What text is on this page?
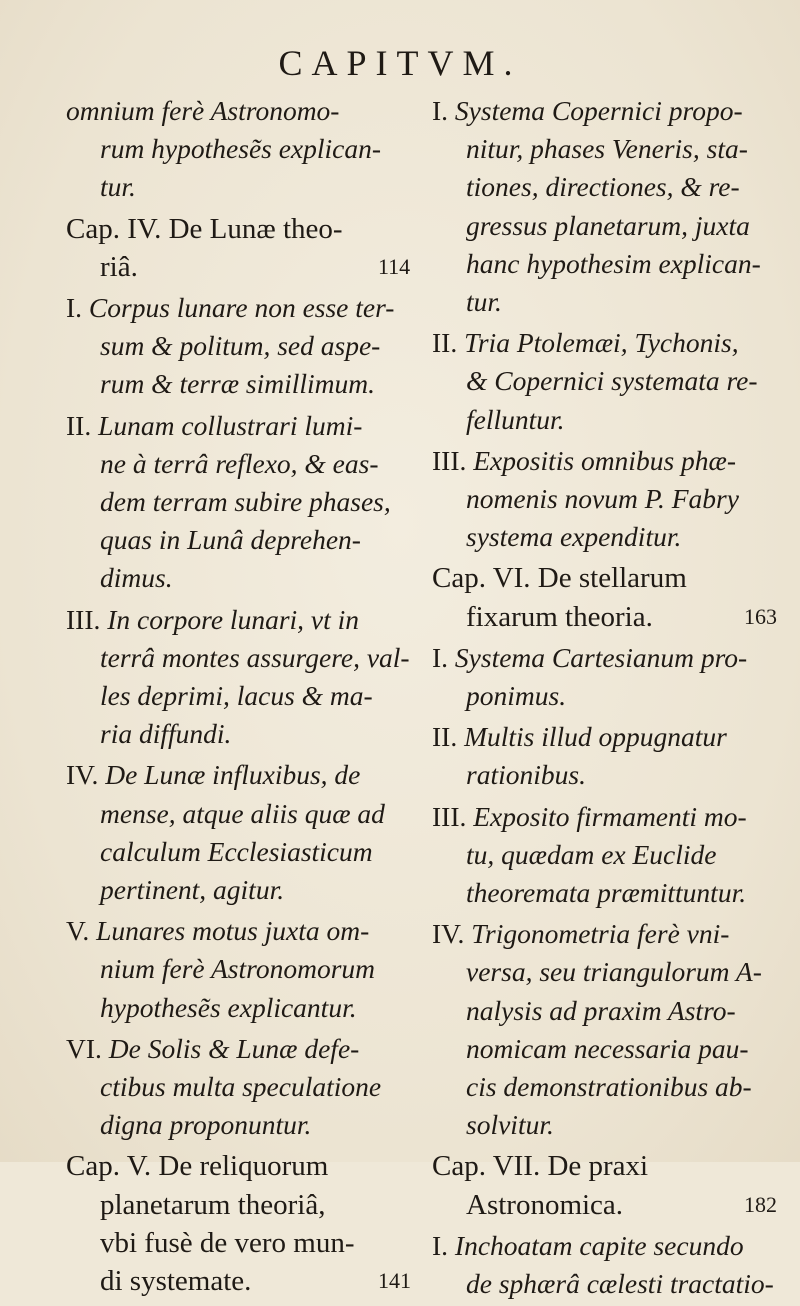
CAPITVM.
omnium ferè Astronomo-
rum hypothesẽs explican-
tur.
Cap. IV. De Lunæ theo-
riâ.	114
I. Corpus lunare non esse ter-
sum & politum, sed aspe-
rum & terræ simillimum.
II. Lunam collustrari lumi-
ne à terrâ reflexo, & eas-
dem terram subire phases,
quas in Lunâ deprehen-
dimus.
III. In corpore lunari, vt in
terrâ montes assurgere, val-
les deprimi, lacus & ma-
ria diffundi.
IV. De Lunæ influxibus, de
mense, atque aliis quæ ad
calculum Ecclesiasticum
pertinent, agitur.
V. Lunares motus juxta om-
nium ferè Astronomorum
hypothesẽs explicantur.
VI. De Solis & Lunæ defe-
ctibus multa speculatione
digna proponuntur.
Cap. V. De reliquorum
planetarum theoriâ,
vbi fusè de vero mun-
di systemate.	141
I. Systema Copernici propo-
nitur, phases Veneris, sta-
tiones, directiones, & re-
gressus planetarum, juxta
hanc hypothesim explican-
tur.
II. Tria Ptolemæi, Tychonis,
& Copernici systemata re-
felluntur.
III. Expositis omnibus phæ-
nomenis novum P. Fabry
systema expenditur.
Cap. VI. De stellarum
fixarum theoria.	163
I. Systema Cartesianum pro-
ponimus.
II. Multis illud oppugnatur
rationibus.
III. Exposito firmamenti mo-
tu, quædam ex Euclide
theoremata præmittuntur.
IV. Trigonometria ferè vni-
versa, seu triangulorum A-
nalysis ad praxim Astro-
nomicam necessaria pau-
cis demonstrationibus ab-
solvitur.
Cap. VII. De praxi
Astronomica.	182
I. Inchoatam capite secundo
de sphærâ cælesti tractatio-
